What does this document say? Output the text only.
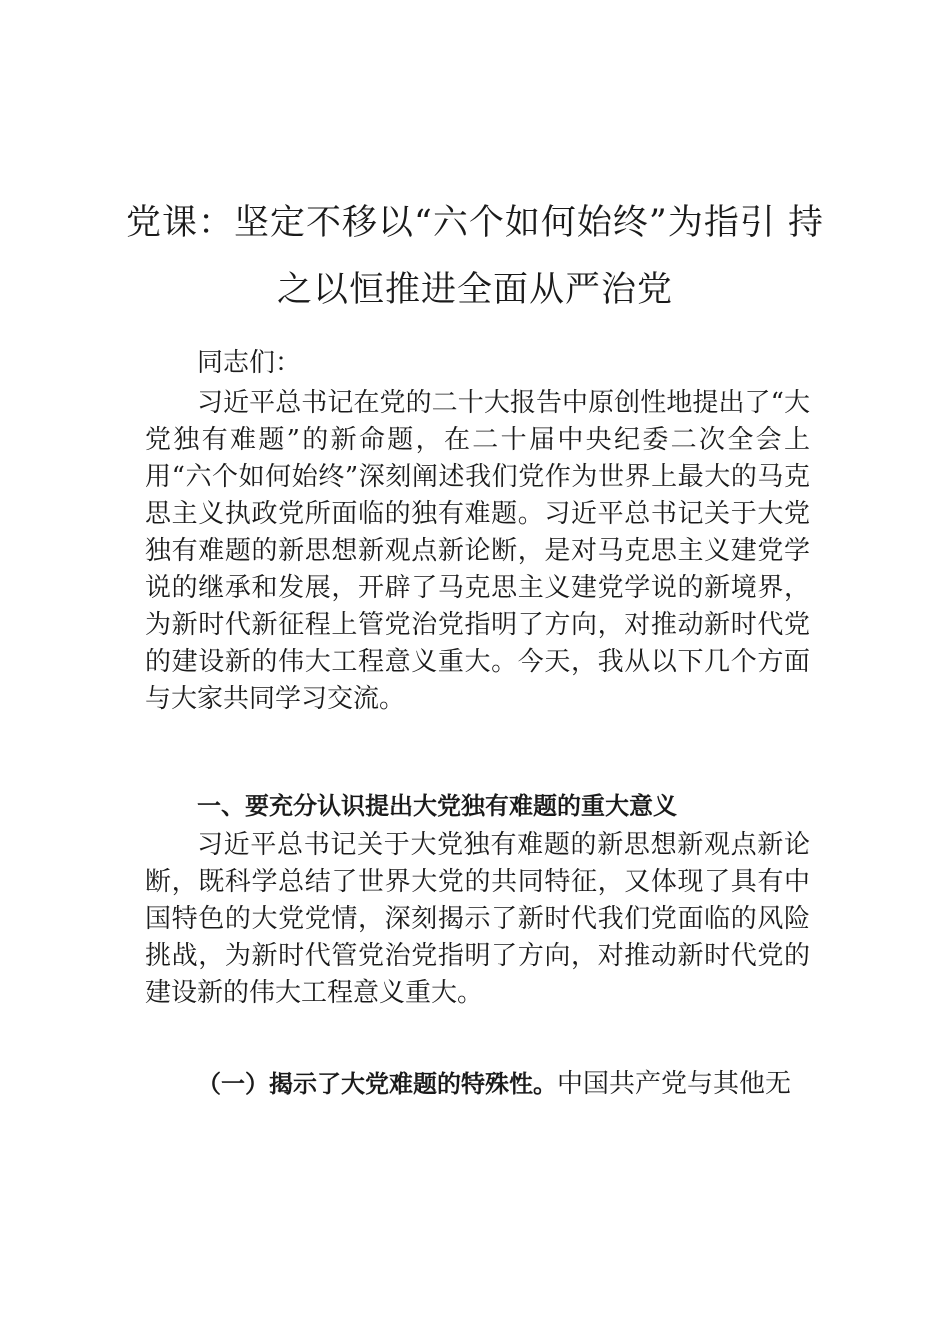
党课：坚定不移以“六个如何始终”为指引 持
之以恒推进全面从严治党

同志们：

习近平总书记在党的二十大报告中原创性地提出了“大党独有难题”的新命题，在二十届中央纪委二次全会上用“六个如何始终”深刻阐述我们党作为世界上最大的马克思主义执政党所面临的独有难题。习近平总书记关于大党独有难题的新思想新观点新论断，是对马克思主义建党学说的继承和发展，开辟了马克思主义建党学说的新境界，为新时代新征程上管党治党指明了方向，对推动新时代党的建设新的伟大工程意义重大。今天，我从以下几个方面与大家共同学习交流。

一、要充分认识提出大党独有难题的重大意义

习近平总书记关于大党独有难题的新思想新观点新论断，既科学总结了世界大党的共同特征，又体现了具有中国特色的大党党情，深刻揭示了新时代我们党面临的风险挑战，为新时代管党治党指明了方向，对推动新时代党的建设新的伟大工程意义重大。

（一）揭示了大党难题的特殊性。中国共产党与其他无
